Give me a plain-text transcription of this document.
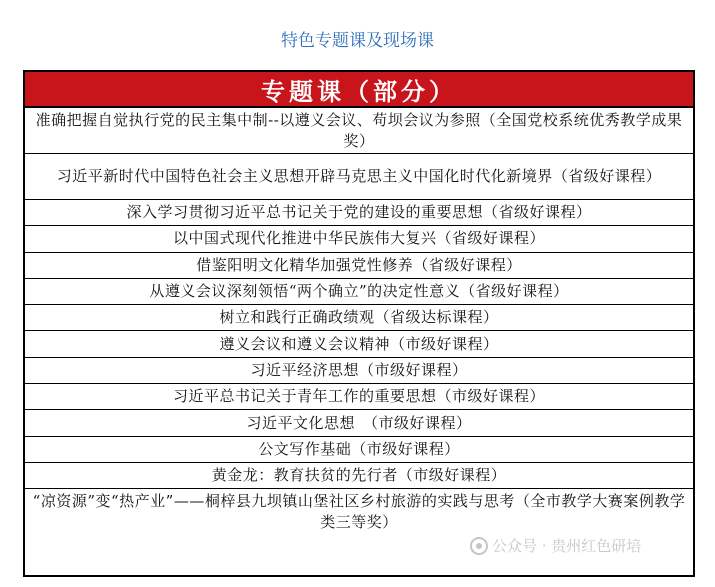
特色专题课及现场课
专题课（部分）
准确把握自觉执行党的民主集中制--以遵义会议、苟坝会议为参照（全国党校系统优秀教学成果奖）
习近平新时代中国特色社会主义思想开辟马克思主义中国化时代化新境界（省级好课程）
深入学习贯彻习近平总书记关于党的建设的重要思想（省级好课程）
以中国式现代化推进中华民族伟大复兴（省级好课程）
借鉴阳明文化精华加强党性修养（省级好课程）
从遵义会议深刻领悟“两个确立”的决定性意义（省级好课程）
树立和践行正确政绩观（省级达标课程）
遵义会议和遵义会议精神（市级好课程）
习近平经济思想（市级好课程）
习近平总书记关于青年工作的重要思想（市级好课程）
习近平文化思想　（市级好课程）
公文写作基础（市级好课程）
黄金龙：教育扶贫的先行者（市级好课程）
“凉资源”变“热产业”——桐梓县九坝镇山堡社区乡村旅游的实践与思考（全市教学大赛案例教学类三等奖）
公众号 · 贵州红色研培
